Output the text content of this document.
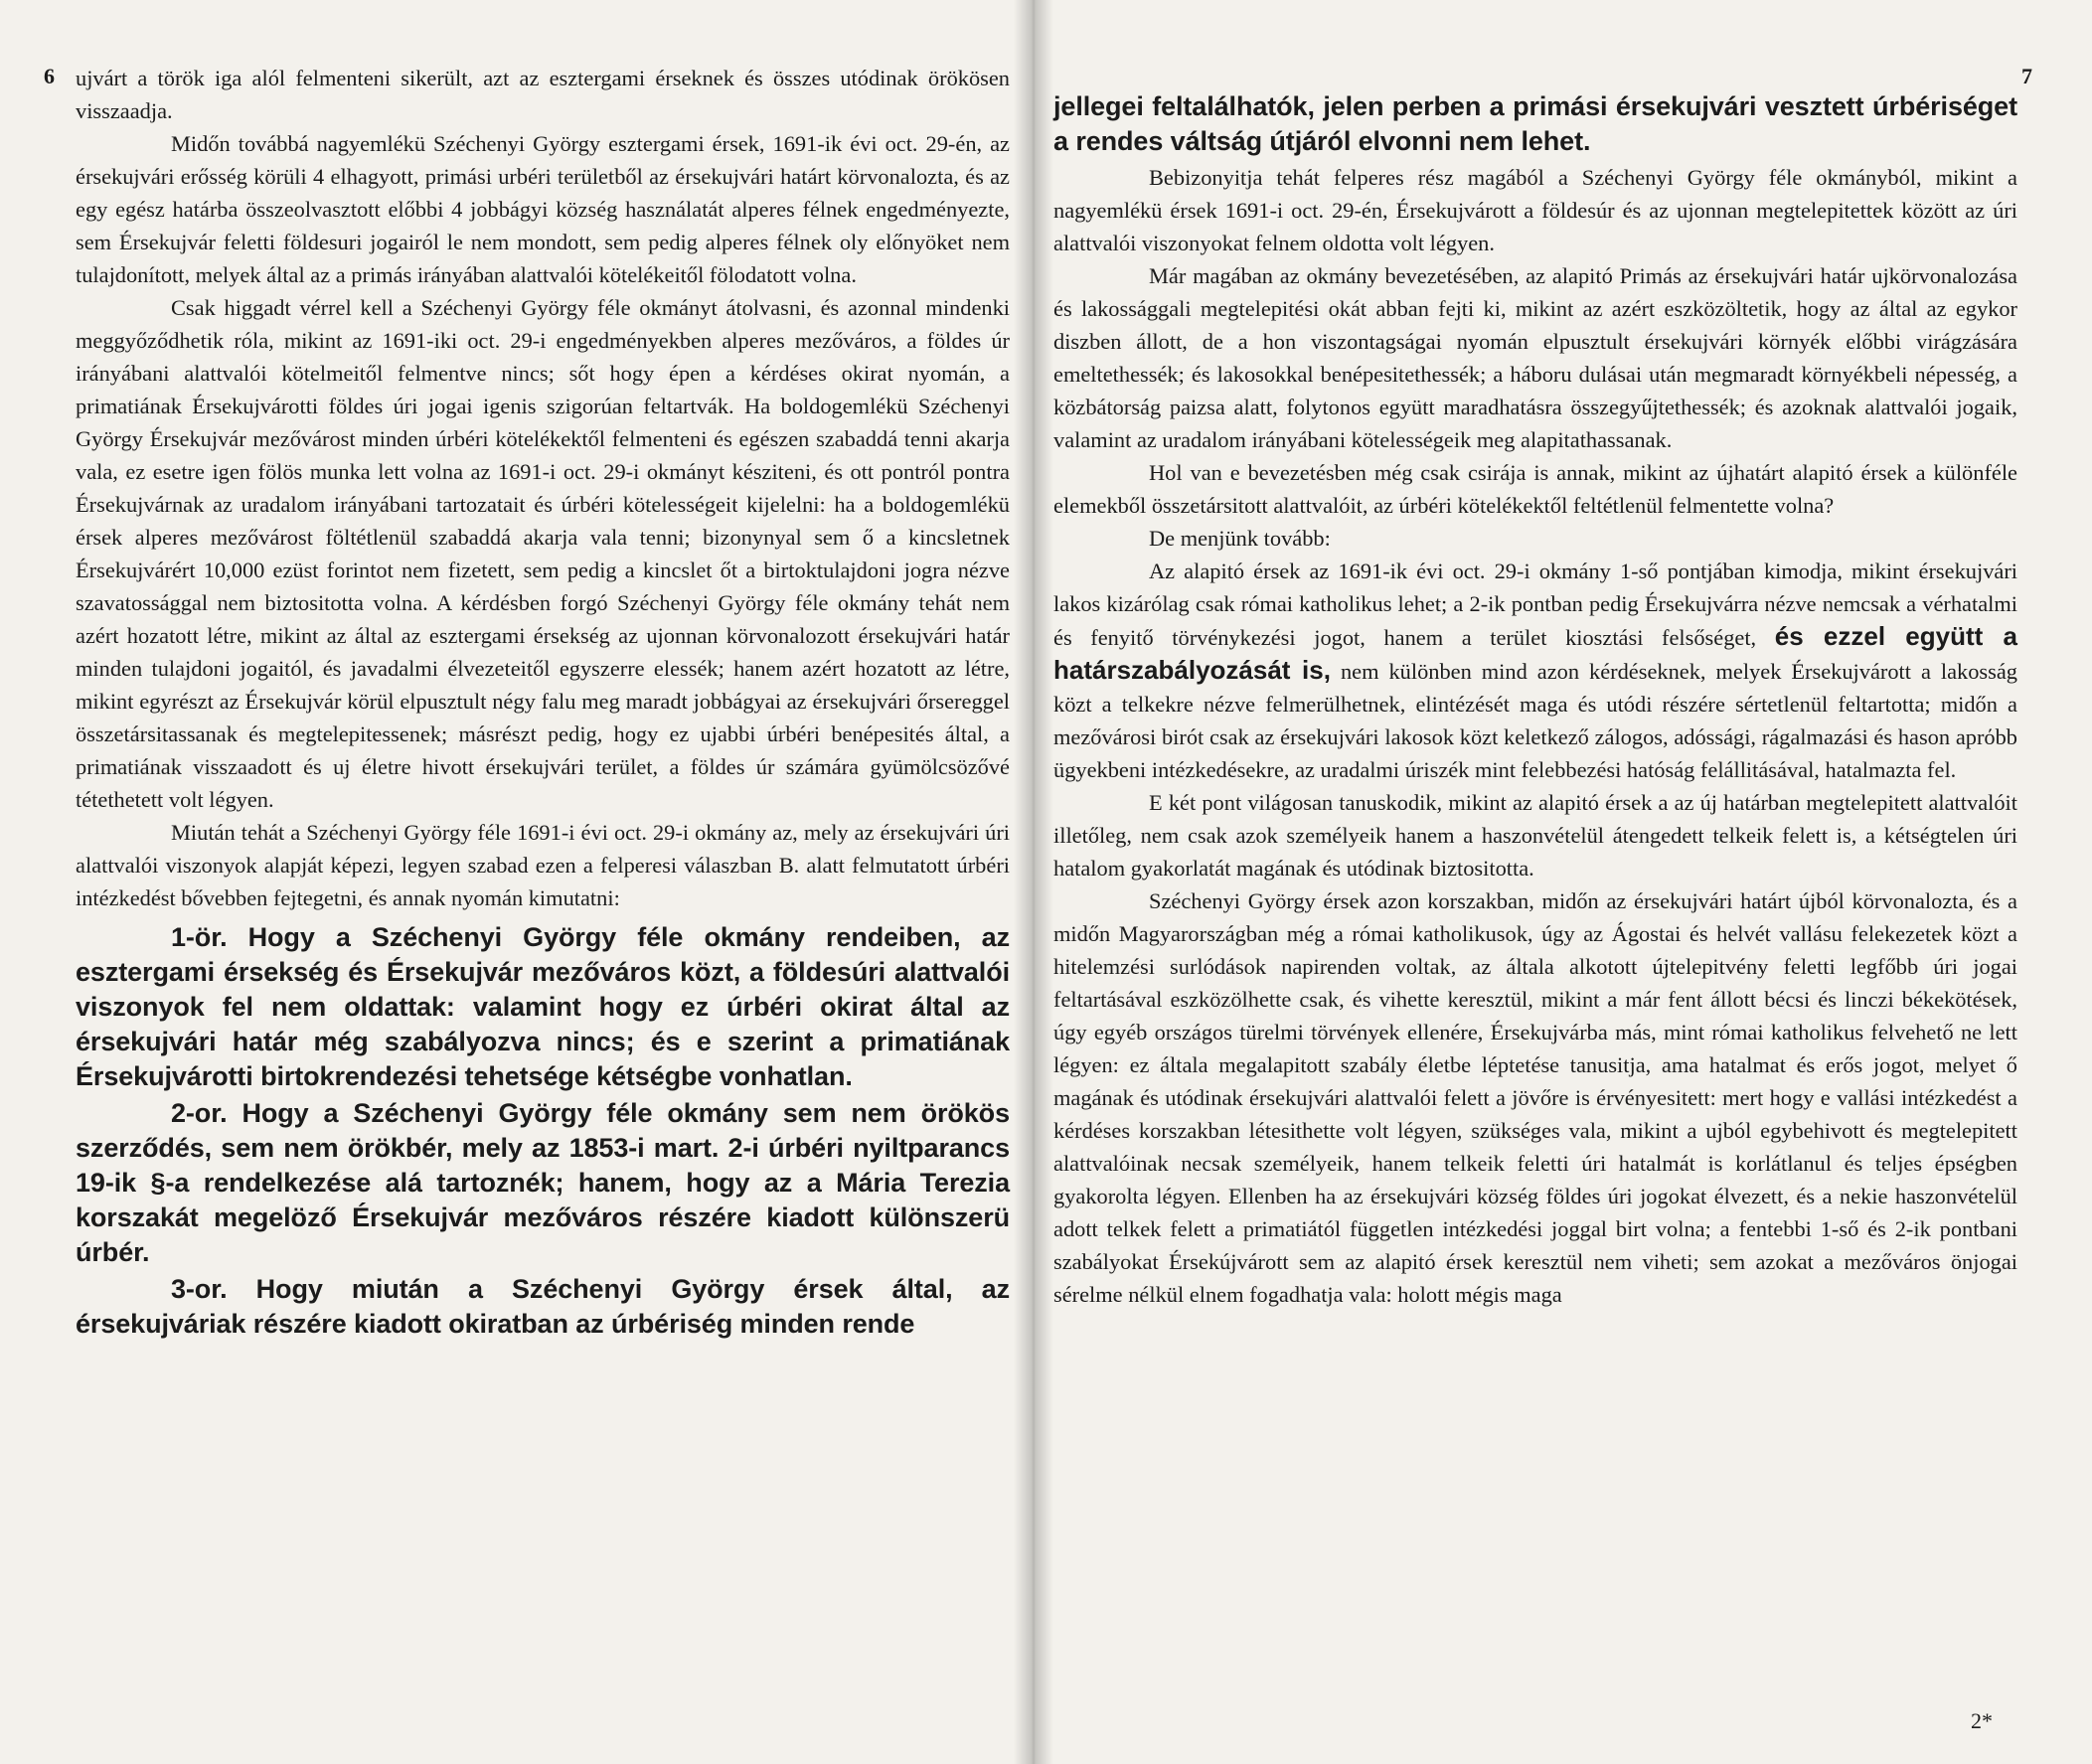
6 ujvárt a török iga alól felmenteni sikerült, azt az esztergami érseknek és összes utódinak örökösen visszaadja.

Midőn továbbá nagyemlékü Széchenyi György esztergami érsek, 1691-ik évi oct. 29-én, az érsekujvári erősség körüli 4 elhagyott, primási urbéri területből az érsekujvári határt körvonalozta, és az egy egész határba összeolvasztott előbbi 4 jobbágyi község használatát alperes félnek engedményezte, sem Érsekujvár feletti földesuri jogairól le nem mondott, sem pedig alperes félnek oly előnyöket nem tulajdonított, melyek által az a primás irányában alattvalói kötelékeitől fölodatott volna.

Csak higgadt vérrel kell a Széchenyi György féle okmányt átolvasni, és azonnal mindenki meggyőződhetik róla, mikint az 1691-iki oct. 29-i engedményekben alperes mezőváros, a földes úr irányábani alattvalói kötelmeitől felmentve nincs; sőt hogy épen a kérdéses okirat nyomán, a primatiának Érsekujvárotti földes úri jogai igenis szigorúan feltartvák. Ha boldogemlékü Széchenyi György Érsekujvár mezővárost minden úrbéri kötelékektől felmenteni és egészen szabaddá tenni akarja vala, ez esetre igen fölös munka lett volna az 1691-i oct. 29-i okmányt késziteni, és ott pontról pontra Érsekujvárnak az uradalom irányábani tartozatait és úrbéri kötelességeit kijelelni: ha a boldogemlékü érsek alperes mezővárost föltétlenül szabaddá akarja vala tenni; bizonynyal sem ő a kincsletnek Érsekujvárért 10,000 ezüst forintot nem fizetett, sem pedig a kincslet őt a birtoktulajdoni jogra nézve szavatossággal nem biztositotta volna. A kérdésben forgó Széchenyi György féle okmány tehát nem azért hozatott létre, mikint az által az esztergami érsekség az ujonnan körvonalozott érsekujvári határ minden tulajdoni jogaitól, és javadalmi élvezeteitől egyszerre elessék; hanem azért hozatott az létre, mikint egyrészt az Érsekujvár körül elpusztult négy falu meg maradt jobbágyai az érsekujvári őrsereggel összetársitassanak és megtelepitessenek; másrészt pedig, hogy ez ujabbi úrbéri benépesités által, a primatiának visszaadott és uj életre hivott érsekujvári terület, a földes úr számára gyümölcsözővé tétethetett volt légyen.

Miután tehát a Széchenyi György féle 1691-i évi oct. 29-i okmány az, mely az érsekujvári úri alattvalói viszonyok alapját képezi, legyen szabad ezen a felperesi válaszban B. alatt felmutatott úrbéri intézkedést bővebben fejtegetni, és annak nyomán kimutatni:

1-ör. Hogy a Széchenyi György féle okmány rendeiben, az esztergami érsekség és Érsekujvár mezőváros közt, a földesúri alattvalói viszonyok fel nem oldattak: valamint hogy ez úrbéri okirat által az érsekujvári határ még szabályozva nincs; és e szerint a primatiának Érsekujvárotti birtokrendezési tehetsége kétségbe vonhatlan.

2-or. Hogy a Széchenyi György féle okmány sem nem örökös szerződés, sem nem örökbér, mely az 1853-i mart. 2-i úrbéri nyiltparancs 19-ik §-a rendelkezése alá tartoznék; hanem, hogy az a Mária Terezia korszakát megelöző Érsekujvár mezőváros részére kiadott különszerü úrbér.

3-or. Hogy miután a Széchenyi György érsek által, az érsekujváriak részére kiadott okiratban az úrbériség minden rende

7

jellegei feltalálhatók, jelen perben a primási érsekujvári vesztett úrbériséget a rendes váltság útjáról elvonni nem lehet.

Bebizonyitja tehát felperes rész magából a Széchenyi György féle okmányból, mikint a nagyemlékü érsek 1691-i oct. 29-én, Érsekujvárott a földesúr és az ujonnan megtelepitettek között az úri alattvalói viszonyokat felnem oldotta volt légyen.

Már magában az okmány bevezetésében, az alapitó Primás az érsekujvári határ ujkörvonalozása és lakossággali megtelepitési okát abban fejti ki, mikint az azért eszközöltetik, hogy az által az egykor diszben állott, de a hon viszontagságai nyomán elpusztult érsekujvári környék előbbi virágzására emeltethessék; és lakosokkal benépesitethessék; a háboru dulásai után megmaradt környékbeli népesség, a közbátorság paizsa alatt, folytonos együtt maradhatásra összegyűjtethessék; és azoknak alattvalói jogaik, valamint az uradalom irányábani kötelességeik meg alapitathassanak.

Hol van e bevezetésben még csak csirája is annak, mikint az újhatárt alapitó érsek a különféle elemekből összetársitott alattvalóit, az úrbéri kötelékektől feltétlenül felmentette volna?

De menjünk tovább:

Az alapitó érsek az 1691-ik évi oct. 29-i okmány 1-ső pontjában kimodja, mikint érsekujvári lakos kizárólag csak római katholikus lehet; a 2-ik pontban pedig Érsekujvárra nézve nemcsak a vérhatalmi és fenyitő törvénykezési jogot, hanem a terület kiosztási felsőséget, és ezzel együtt a határszabályozását is, nem különben mind azon kérdéseknek, melyek Érsekujvárott a lakosság közt a telkekre nézve felmerülhetnek, elintézését maga és utódi részére sértetlenül feltartotta; midőn a mezővárosi birót csak az érsekujvári lakosok közt keletkező zálogos, adóssági, rágalmazási és hason aprόbb ügyekbeni intézkedésekre, az uradalmi úriszék mint felebbezési hatóság felállitásával, hatalmazta fel.

E két pont világosan tanuskodik, mikint az alapitó érsek a az új határban megtelepitett alattvalóit illetőleg, nem csak azok személyeik hanem a haszonvételül átengedett telkeik felett is, a kétségtelen úri hatalom gyakorlatát magának és utódinak biztositotta.

Széchenyi György érsek azon korszakban, midőn az érsekujvári határt újból körvonalozta, és a midőn Magyarországban még a római katholikusok, úgy az Ágostai és helvét vallásu felekezetek közt a hitelemzési surlódások napirenden voltak, az általa alkotott újtelepitvény feletti legfőbb úri jogai feltartásával eszközölhette csak, és vihette keresztül, mikint a már fent állott bécsi és linczi békekötések, úgy egyéb országos türelmi törvények ellenére, Érsekujvárba más, mint római katholikus felvehető ne lett légyen: ez általa megalapitott szabály életbe léptetése tanusitja, ama hatalmat és erős jogot, melyet ő magának és utódinak érsekujvári alattvalói felett a jövőre is érvényesitett: mert hogy e vallási intézkedést a kérdéses korszakban létesithette volt légyen, szükséges vala, mikint a ujból egybehivott és megtelepitett alattvalóinak necsak személyeik, hanem telkeik feletti úri hatalmát is korlátlanul és teljes épségben gyakorolta légyen. Ellenben ha az érsekujvári község földes úri jogokat élvezett, és a nekie haszonvételül adott telkek felett a primatiától független intézkedési joggal birt volna; a fentebbi 1-ső és 2-ik pontbani szabályokat Érsekújvárott sem az alapitó érsek keresztül nem viheti; sem azokat a mezőváros önjogai sérelme nélkül elnem fogadhatja vala: holott mégis maga

2*
